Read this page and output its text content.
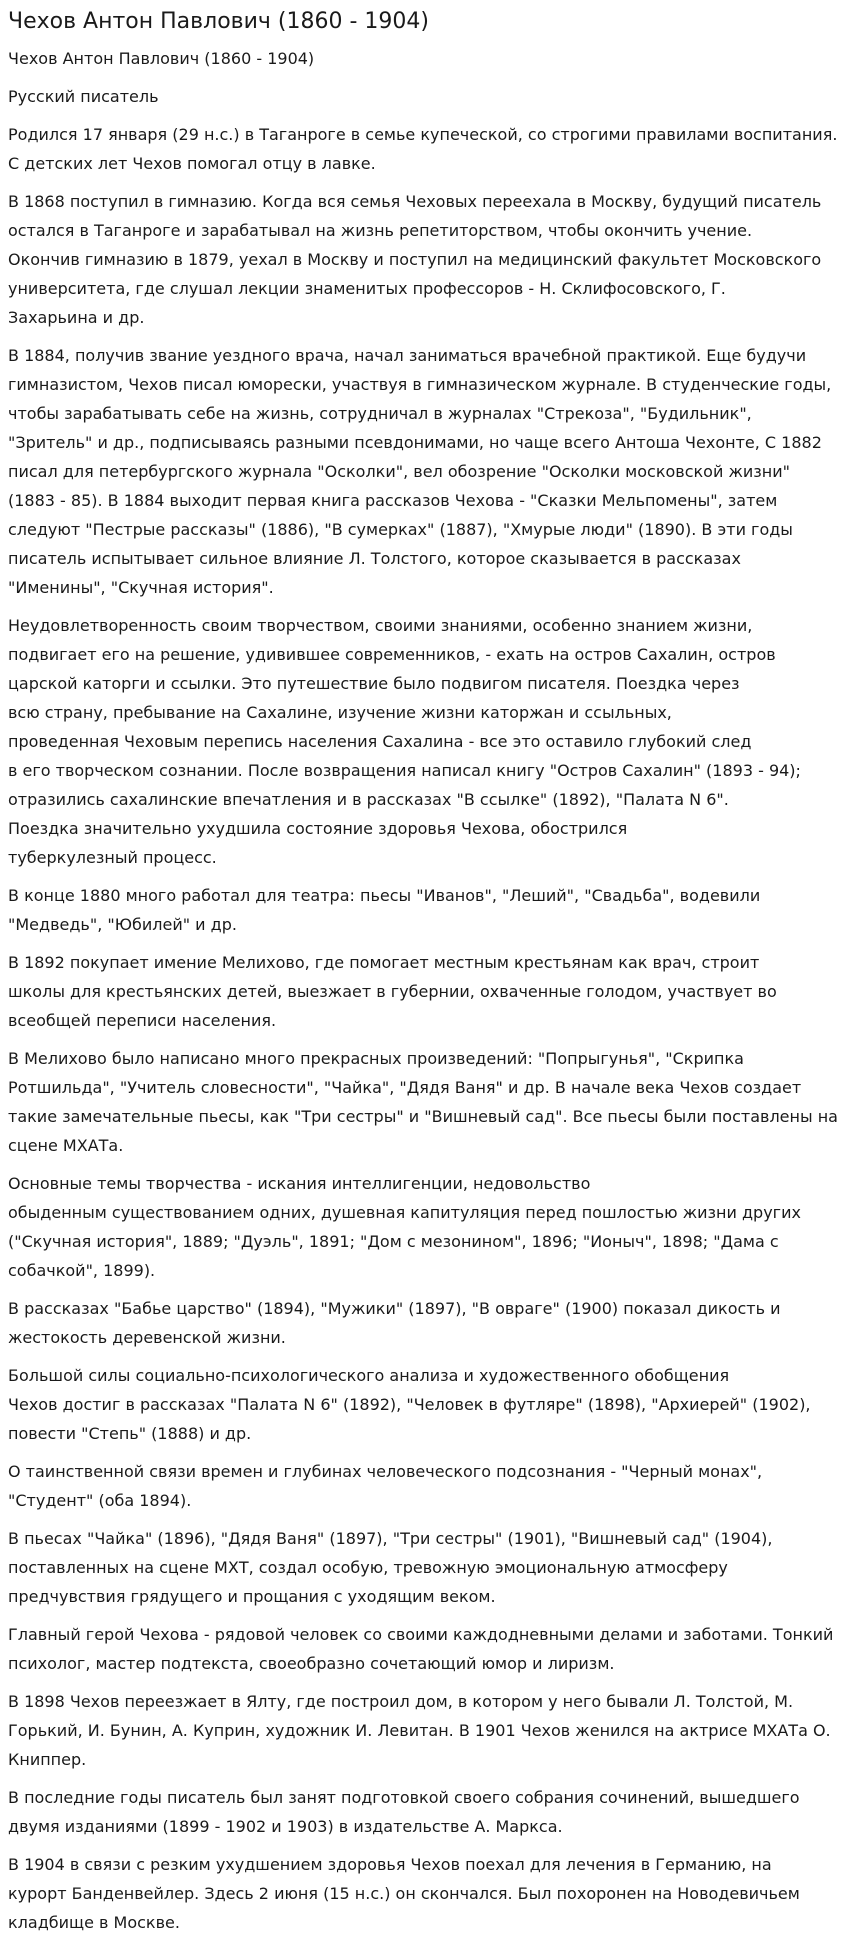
Чехов Антон Павлович (1860 - 1904)
Чехов Антон Павлович (1860 - 1904)
Русский писатель
Родился 17 января (29 н.с.) в Таганроге в семье купеческой, со строгими правилами воспитания.
С детских лет Чехов помогал отцу в лавке.
В 1868 поступил в гимназию. Когда вся семья Чеховых переехала в Москву, будущий писатель
остался в Таганроге и зарабатывал на жизнь репетиторством, чтобы окончить учение.
Окончив гимназию в 1879, уехал в Москву и поступил на медицинский факультет Московского
университета, где слушал лекции знаменитых профессоров - Н. Склифосовского, Г.
Захарьина и др.
В 1884, получив звание уездного врача, начал заниматься врачебной практикой. Еще будучи
гимназистом, Чехов писал юморески, участвуя в гимназическом журнале. В студенческие годы,
чтобы зарабатывать себе на жизнь, сотрудничал в журналах "Стрекоза", "Будильник",
"Зритель" и др., подписываясь разными псевдонимами, но чаще всего Антоша Чехонте, С 1882
писал для петербургского журнала "Осколки", вел обозрение "Осколки московской жизни"
(1883 - 85). В 1884 выходит первая книга рассказов Чехова - "Сказки Мельпомены", затем
следуют "Пестрые рассказы" (1886), "В сумерках" (1887), "Хмурые люди" (1890). В эти годы
писатель испытывает сильное влияние Л. Толстого, которое сказывается в рассказах
"Именины", "Скучная история".
Неудовлетворенность своим творчеством, своими знаниями, особенно знанием жизни,
подвигает его на решение, удивившее современников, - ехать на остров Сахалин, остров
царской каторги и ссылки. Это путешествие было подвигом писателя. Поездка через
всю страну, пребывание на Сахалине, изучение жизни каторжан и ссыльных,
проведенная Чеховым перепись населения Сахалина - все это оставило глубокий след
в его творческом сознании. После возвращения написал книгу "Остров Сахалин" (1893 - 94);
отразились сахалинские впечатления и в рассказах "В ссылке" (1892), "Палата N 6".
Поездка значительно ухудшила состояние здоровья Чехова, обострился
туберкулезный процесс.
В конце 1880 много работал для театра: пьесы "Иванов", "Леший", "Свадьба", водевили
"Медведь", "Юбилей" и др.
В 1892 покупает имение Мелихово, где помогает местным крестьянам как врач, строит
школы для крестьянских детей, выезжает в губернии, охваченные голодом, участвует во
всеобщей переписи населения.
В Мелихово было написано много прекрасных произведений: "Попрыгунья", "Скрипка
Ротшильда", "Учитель словесности", "Чайка", "Дядя Ваня" и др. В начале века Чехов создает
такие замечательные пьесы, как "Три сестры" и "Вишневый сад". Все пьесы были поставлены на
сцене МХАТа.
Основные темы творчества - искания интеллигенции, недовольство
обыденным существованием одних, душевная капитуляция перед пошлостью жизни других
("Скучная история", 1889; "Дуэль", 1891; "Дом с мезонином", 1896; "Ионыч", 1898; "Дама с
собачкой", 1899).
В рассказах "Бабье царство" (1894), "Мужики" (1897), "В овраге" (1900) показал дикость и
жестокость деревенской жизни.
Большой силы социально-психологического анализа и художественного обобщения
Чехов достиг в рассказах "Палата N 6" (1892), "Человек в футляре" (1898), "Архиерей" (1902),
повести "Степь" (1888) и др.
О таинственной связи времен и глубинах человеческого подсознания - "Черный монах",
"Студент" (оба 1894).
В пьесах "Чайка" (1896), "Дядя Ваня" (1897), "Три сестры" (1901), "Вишневый сад" (1904),
поставленных на сцене МХТ, создал особую, тревожную эмоциональную атмосферу
предчувствия грядущего и прощания с уходящим веком.
Главный герой Чехова - рядовой человек со своими каждодневными делами и заботами. Тонкий
психолог, мастер подтекста, своеобразно сочетающий юмор и лиризм.
В 1898 Чехов переезжает в Ялту, где построил дом, в котором у него бывали Л. Толстой, М.
Горький, И. Бунин, А. Куприн, художник И. Левитан. В 1901 Чехов женился на актрисе МХАТа О.
Книппер.
В последние годы писатель был занят подготовкой своего собрания сочинений, вышедшего
двумя изданиями (1899 - 1902 и 1903) в издательстве А. Маркса.
В 1904 в связи с резким ухудшением здоровья Чехов поехал для лечения в Германию, на
курорт Банденвейлер. Здесь 2 июня (15 н.с.) он скончался. Был похоронен на Новодевичьем
кладбище в Москве.
